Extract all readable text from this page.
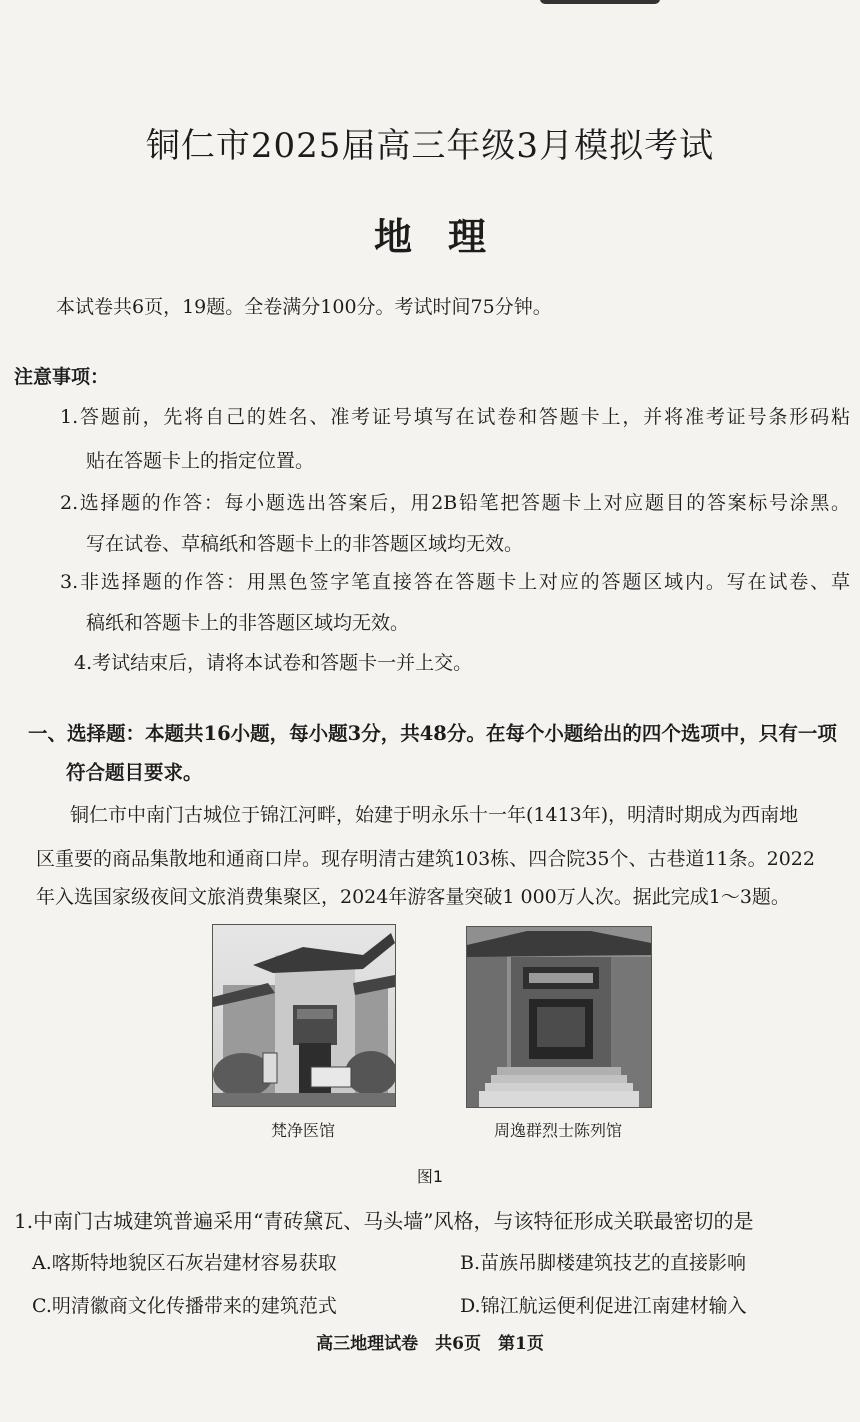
铜仁市2025届高三年级3月模拟考试
地理
本试卷共6页，19题。全卷满分100分。考试时间75分钟。
注意事项：
1.答题前，先将自己的姓名、准考证号填写在试卷和答题卡上，并将准考证号条形码粘
贴在答题卡上的指定位置。
2.选择题的作答：每小题选出答案后，用2B铅笔把答题卡上对应题目的答案标号涂黑。
写在试卷、草稿纸和答题卡上的非答题区域均无效。
3.非选择题的作答：用黑色签字笔直接答在答题卡上对应的答题区域内。写在试卷、草
稿纸和答题卡上的非答题区域均无效。
4.考试结束后，请将本试卷和答题卡一并上交。
一、选择题：本题共16小题，每小题3分，共48分。在每个小题给出的四个选项中，只有一项
符合题目要求。
铜仁市中南门古城位于锦江河畔，始建于明永乐十一年(1413年)，明清时期成为西南地
区重要的商品集散地和通商口岸。现存明清古建筑103栋、四合院35个、古巷道11条。2022
年入选国家级夜间文旅消费集聚区，2024年游客量突破1 000万人次。据此完成1～3题。
梵净医馆	周逸群烈士陈列馆
图1
1.中南门古城建筑普遍采用“青砖黛瓦、马头墙”风格，与该特征形成关联最密切的是
A.喀斯特地貌区石灰岩建材容易获取	B.苗族吊脚楼建筑技艺的直接影响
C.明清徽商文化传播带来的建筑范式	D.锦江航运便利促进江南建材输入
高三地理试卷　共6页　第1页
